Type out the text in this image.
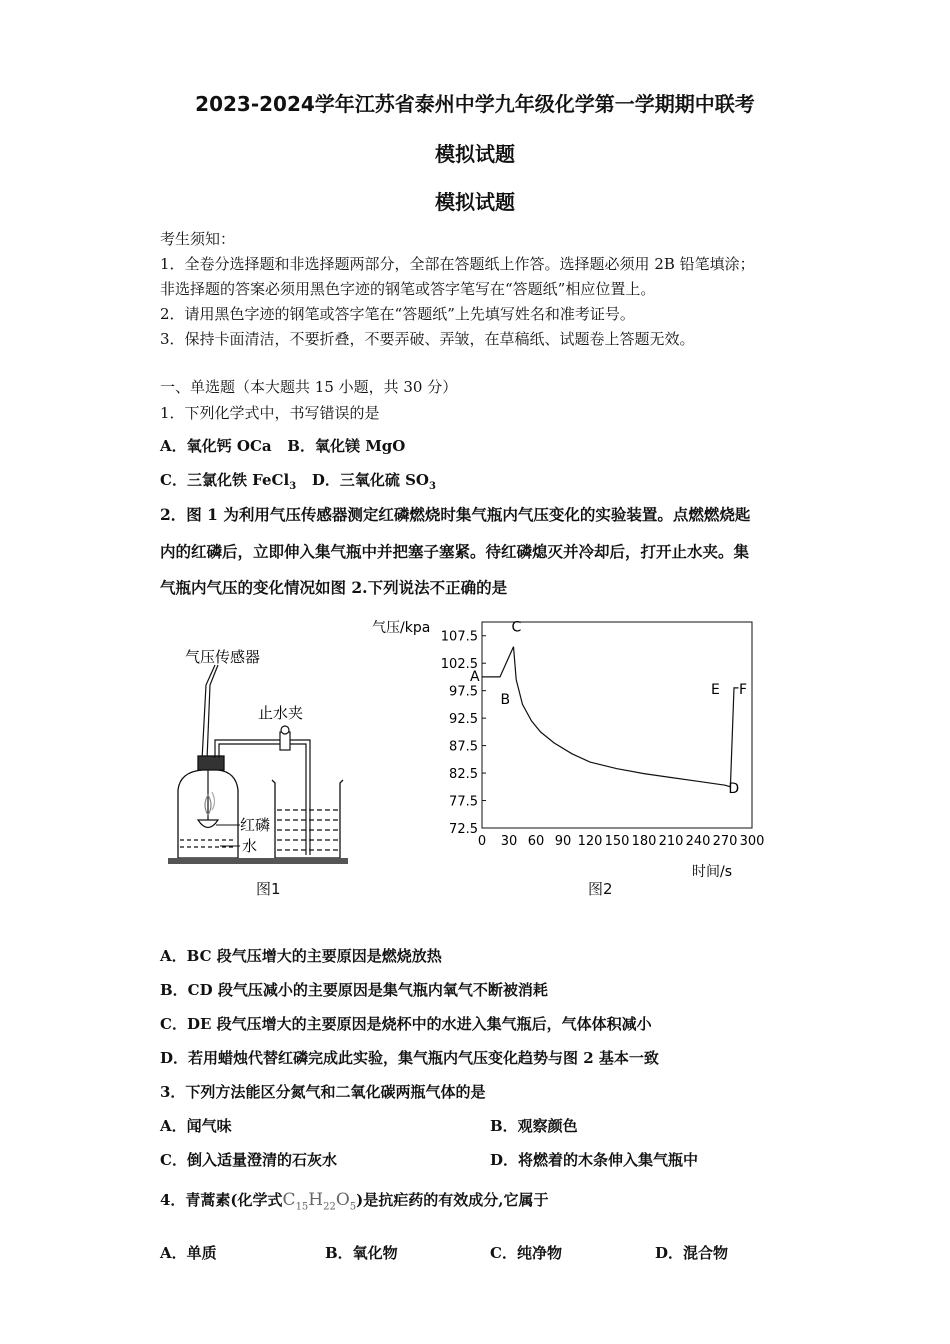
2023-2024学年江苏省泰州中学九年级化学第一学期期中联考
模拟试题
模拟试题
考生须知：
1．全卷分选择题和非选择题两部分，全部在答题纸上作答。选择题必须用 2B 铅笔填涂；
非选择题的答案必须用黑色字迹的钢笔或答字笔写在“答题纸”相应位置上。
2．请用黑色字迹的钢笔或答字笔在“答题纸”上先填写姓名和准考证号。
3．保持卡面清洁，不要折叠，不要弄破、弄皱，在草稿纸、试题卷上答题无效。
一、单选题（本大题共 15 小题，共 30 分）
1．下列化学式中，书写错误的是
A．氧化钙 OCa B．氧化镁 MgO
C．三氯化铁 FeCl$_3$ D．三氧化硫 $SO_3$
2．图 1 为利用气压传感器测定红磷燃烧时集气瓶内气压变化的实验装置。点燃燃烧匙
内的红磷后，立即伸入集气瓶中并把塞子塞紧。待红磷熄灭并冷却后，打开止水夹。集
气瓶内气压的变化情况如图 2.下列说法不正确的是
气压传感器
止水夹
红磷
水
图1
气压/kpa
时间/s
72.5
77.5
82.5
87.5
92.5
97.5
102.5
107.5
0 30 60 90 120 150 180 210 240 270 300
A
B
C
D
E F
图2
A．BC 段气压增大的主要原因是燃烧放热
B．CD 段气压减小的主要原因是集气瓶内氧气不断被消耗
C．DE 段气压增大的主要原因是烧杯中的水进入集气瓶后，气体体积减小
D．若用蜡烛代替红磷完成此实验，集气瓶内气压变化趋势与图 2 基本一致
3．下列方法能区分氮气和二氧化碳两瓶气体的是
A．闻气味	B．观察颜色
C．倒入适量澄清的石灰水	D．将燃着的木条伸入集气瓶中
4．青蒿素(化学式$C_{15}H_{22}O_5$)是抗疟药的有效成分,它属于
A．单质	B．氧化物	C．纯净物	D．混合物
